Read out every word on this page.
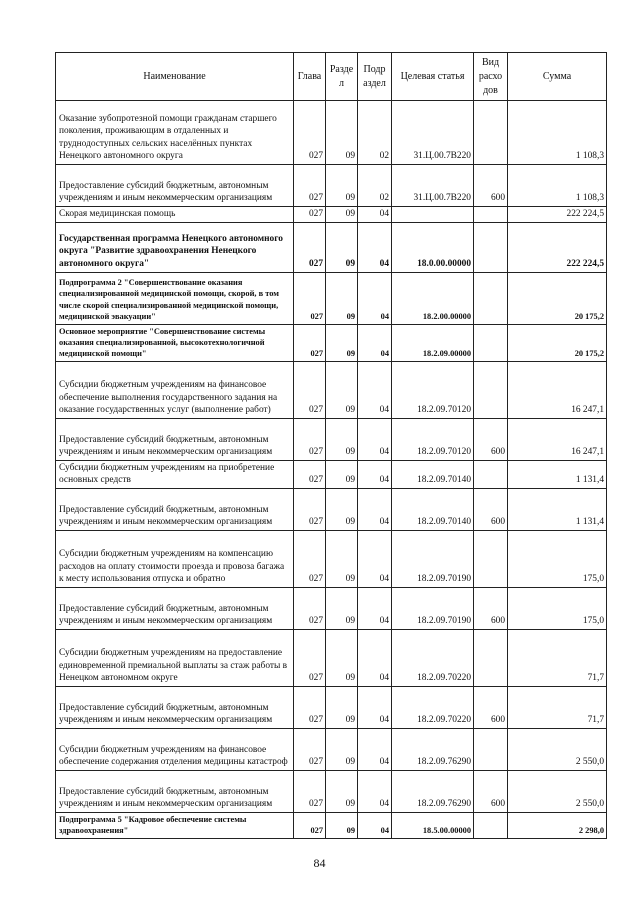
Наименование	Глава	Разде л	Подр аздел	Целевая статья	Вид расхо дов	Сумма
Оказание зубопротезной помощи гражданам старшего поколения, проживающим в отдаленных и труднодоступных сельских населённых пунктах Ненецкого автономного округа	027	09	02	31.Ц.00.7В220		1 108,3
Предоставление субсидий бюджетным, автономным учреждениям и иным некоммерческим организациям	027	09	02	31.Ц.00.7В220	600	1 108,3
Скорая медицинская помощь	027	09	04			222 224,5
Государственная программа Ненецкого автономного округа "Развитие здравоохранения Ненецкого автономного округа"	027	09	04	18.0.00.00000		222 224,5
Подпрограмма 2 "Совершенствование оказания специализированной медицинской помощи, скорой, в том числе скорой специализированной медицинской помощи, медицинской эвакуации"	027	09	04	18.2.00.00000		20 175,2
Основное мероприятие "Совершенствование системы оказания специализированной, высокотехнологичной медицинской помощи"	027	09	04	18.2.09.00000		20 175,2
Субсидии бюджетным учреждениям на финансовое обеспечение выполнения государственного задания на оказание государственных услуг (выполнение работ)	027	09	04	18.2.09.70120		16 247,1
Предоставление субсидий бюджетным, автономным учреждениям и иным некоммерческим организациям	027	09	04	18.2.09.70120	600	16 247,1
Субсидии бюджетным учреждениям на приобретение основных средств	027	09	04	18.2.09.70140		1 131,4
Предоставление субсидий бюджетным, автономным учреждениям и иным некоммерческим организациям	027	09	04	18.2.09.70140	600	1 131,4
Субсидии бюджетным учреждениям на компенсацию расходов на оплату стоимости проезда и провоза багажа к месту использования отпуска и обратно	027	09	04	18.2.09.70190		175,0
Предоставление субсидий бюджетным, автономным учреждениям и иным некоммерческим организациям	027	09	04	18.2.09.70190	600	175,0
Субсидии бюджетным учреждениям на предоставление единовременной премиальной выплаты за стаж работы в Ненецком автономном округе	027	09	04	18.2.09.70220		71,7
Предоставление субсидий бюджетным, автономным учреждениям и иным некоммерческим организациям	027	09	04	18.2.09.70220	600	71,7
Субсидии бюджетным учреждениям на финансовое обеспечение содержания отделения медицины катастроф	027	09	04	18.2.09.76290		2 550,0
Предоставление субсидий бюджетным, автономным учреждениям и иным некоммерческим организациям	027	09	04	18.2.09.76290	600	2 550,0
Подпрограмма 5 "Кадровое обеспечение системы здравоохранения"	027	09	04	18.5.00.00000		2 298,0
84
